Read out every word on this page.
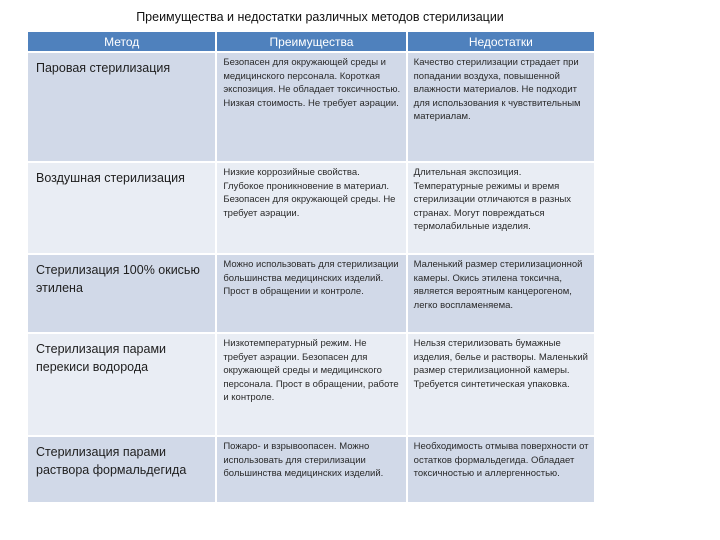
Преимущества и недостатки различных методов стерилизации
Метод	Преимущества	Недостатки
Паровая стерилизация	Безопасен для окружающей среды и медицинского персонала. Короткая экспозиция. Не обладает токсичностью. Низкая стоимость. Не требует аэрации.	Качество стерилизации страдает при попадании воздуха, повышенной влажности материалов. Не подходит для использования к чувствительным материалам.
Воздушная стерилизация	Низкие коррозийные свойства. Глубокое проникновение в материал. Безопасен для окружающей среды. Не требует аэрации.	Длительная экспозиция. Температурные режимы и время стерилизации отличаются в разных странах. Могут повреждаться термолабильные изделия.
Стерилизация 100% окисью этилена	Можно использовать для стерилизации большинства медицинских изделий. Прост в обращении и контроле.	Маленький размер стерилизационной камеры. Окись этилена токсична, является вероятным канцерогеном, легко воспламеняема.
Стерилизация парами перекиси водорода	Низкотемпературный режим. Не требует аэрации. Безопасен для окружающей среды и медицинского персонала. Прост в обращении, работе и контроле.	Нельзя стерилизовать бумажные изделия, белье и растворы. Маленький размер стерилизационной камеры. Требуется синтетическая упаковка.
Стерилизация парами раствора формальдегида	Пожаро- и взрывоопасен. Можно использовать для стерилизации большинства медицинских изделий.	Необходимость отмыва поверхности от остатков формальдегида. Обладает токсичностью и аллергенностью.
